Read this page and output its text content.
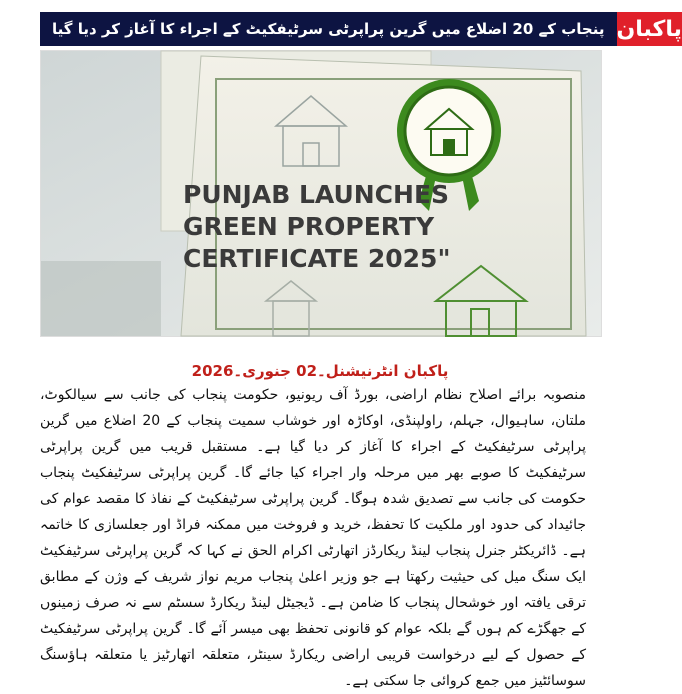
پنجاب کے 20 اضلاع میں گرین پراپرٹی سرٹیفکیٹ کے اجراء کا آغاز کر دیا گیا پاکبان
PUNJAB LAUNCHES
GREEN PROPERTY
CERTIFICATE 2025"
پاکبان انٹرنیشنل۔02 جنوری۔2026

منصوبہ برائے اصلاح نظام اراضی، بورڈ آف ریونیو، حکومت پنجاب کی جانب سے سیالکوٹ، ملتان، ساہیوال، جہلم، راولپنڈی، اوکاڑہ اور خوشاب سمیت پنجاب کے 20 اضلاع میں گرین پراپرٹی سرٹیفکیٹ کے اجراء کا آغاز کر دیا گیا ہے۔ مستقبل قریب میں گرین پراپرٹی سرٹیفکیٹ کا صوبے بھر میں مرحلہ وار اجراء کیا جائے گا۔ گرین پراپرٹی سرٹیفکیٹ پنجاب حکومت کی جانب سے تصدیق شدہ ہوگا۔ گرین پراپرٹی سرٹیفکیٹ کے نفاذ کا مقصد عوام کی جائیداد کی حدود اور ملکیت کا تحفظ، خرید و فروخت میں ممکنہ فراڈ اور جعلسازی کا خاتمہ ہے۔ ڈائریکٹر جنرل پنجاب لینڈ ریکارڈز اتھارٹی اکرام الحق نے کہا کہ گرین پراپرٹی سرٹیفکیٹ ایک سنگ میل کی حیثیت رکھتا ہے جو وزیر اعلیٰ پنجاب مریم نواز شریف کے وژن کے مطابق ترقی یافتہ اور خوشحال پنجاب کا ضامن ہے۔ ڈیجیٹل لینڈ ریکارڈ سسٹم سے نہ صرف زمینوں کے جھگڑے کم ہوں گے بلکہ عوام کو قانونی تحفظ بھی میسر آئے گا۔ گرین پراپرٹی سرٹیفکیٹ کے حصول کے لیے درخواست قریبی اراضی ریکارڈ سینٹر، متعلقہ اتھارٹیز یا متعلقہ ہاؤسنگ سوسائٹیز میں جمع کروائی جا سکتی ہے۔
